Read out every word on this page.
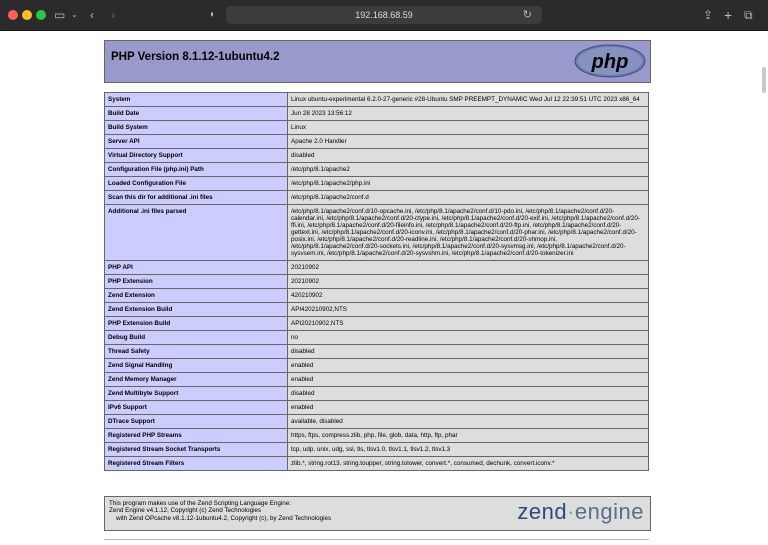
▭ ⌄ ‹ ›	◑	192.168.68.59	↻	⇪ + ⧉
PHP Version 8.1.12-1ubuntu4.2	php
System	Linux ubuntu-experimental 6.2.0-27-generic #28-Ubuntu SMP PREEMPT_DYNAMIC Wed Jul 12 22:39:51 UTC 2023 x86_64
Build Date	Jun 28 2023 13:56:12
Build System	Linux
Server API	Apache 2.0 Handler
Virtual Directory Support	disabled
Configuration File (php.ini) Path	/etc/php/8.1/apache2
Loaded Configuration File	/etc/php/8.1/apache2/php.ini
Scan this dir for additional .ini files	/etc/php/8.1/apache2/conf.d
Additional .ini files parsed	/etc/php/8.1/apache2/conf.d/10-opcache.ini, /etc/php/8.1/apache2/conf.d/10-pdo.ini, /etc/php/8.1/apache2/conf.d/20-calendar.ini, /etc/php/8.1/apache2/conf.d/20-ctype.ini, /etc/php/8.1/apache2/conf.d/20-exif.ini, /etc/php/8.1/apache2/conf.d/20-ffi.ini, /etc/php/8.1/apache2/conf.d/20-fileinfo.ini, /etc/php/8.1/apache2/conf.d/20-ftp.ini, /etc/php/8.1/apache2/conf.d/20-gettext.ini, /etc/php/8.1/apache2/conf.d/20-iconv.ini, /etc/php/8.1/apache2/conf.d/20-phar.ini, /etc/php/8.1/apache2/conf.d/20-posix.ini, /etc/php/8.1/apache2/conf.d/20-readline.ini, /etc/php/8.1/apache2/conf.d/20-shmop.ini, /etc/php/8.1/apache2/conf.d/20-sockets.ini, /etc/php/8.1/apache2/conf.d/20-sysvmsg.ini, /etc/php/8.1/apache2/conf.d/20-sysvsem.ini, /etc/php/8.1/apache2/conf.d/20-sysvshm.ini, /etc/php/8.1/apache2/conf.d/20-tokenizer.ini
PHP API	20210902
PHP Extension	20210902
Zend Extension	420210902
Zend Extension Build	API420210902,NTS
PHP Extension Build	API20210902,NTS
Debug Build	no
Thread Safety	disabled
Zend Signal Handling	enabled
Zend Memory Manager	enabled
Zend Multibyte Support	disabled
IPv6 Support	enabled
DTrace Support	available, disabled
Registered PHP Streams	https, ftps, compress.zlib, php, file, glob, data, http, ftp, phar
Registered Stream Socket Transports	tcp, udp, unix, udg, ssl, tls, tlsv1.0, tlsv1.1, tlsv1.2, tlsv1.3
Registered Stream Filters	zlib.*, string.rot13, string.toupper, string.tolower, convert.*, consumed, dechunk, convert.iconv.*
This program makes use of the Zend Scripting Language Engine:
Zend Engine v4.1.12, Copyright (c) Zend Technologies

with Zend OPcache v8.1.12-1ubuntu4.2, Copyright (c), by Zend Technologies	zend·engine
